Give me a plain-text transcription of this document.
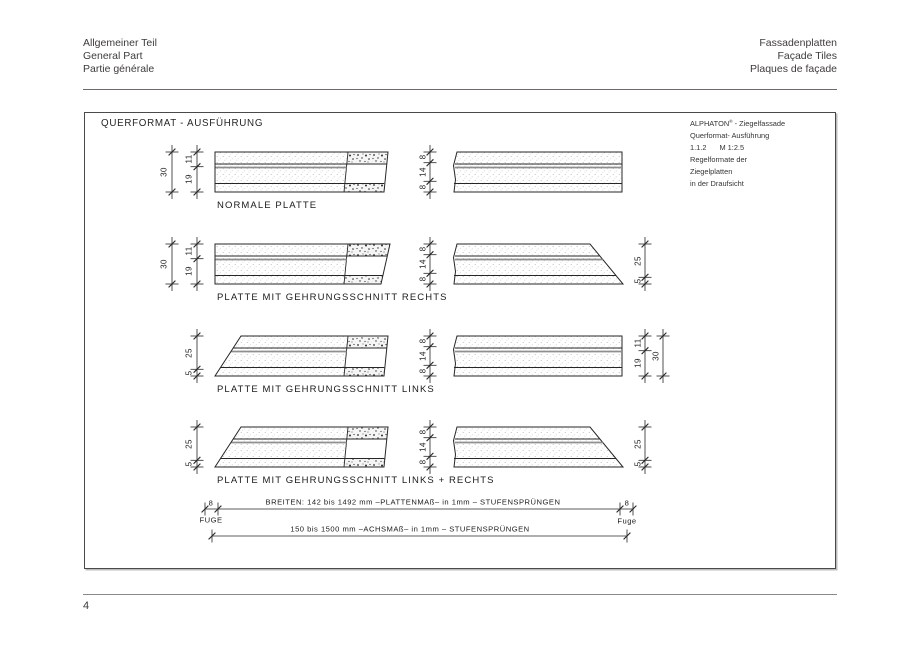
Allgemeiner Teil
General Part
Partie générale
Fassadenplatten
Façade Tiles
Plaques de façade
QUERFORMAT - AUSFÜHRUNG	ALPHATON® - Ziegelfassade
Querformat- Ausführung
1.1.2 M 1:2.5
Regelformate der
Ziegelplatten
in der Draufsicht
NORMALE PLATTE
PLATTE MIT GEHRUNGSSCHNITT RECHTS
PLATTE MIT GEHRUNGSSCHNITT LINKS
PLATTE MIT GEHRUNGSSCHNITT LINKS + RECHTS
30
11
19
8
14
8
30
11
19
8
14
8
25
5
25
5
8
14
8
11
19
30
25
5
8
14
8
25
5
8	8
BREITEN: 142 bis 1492 mm –PLATTENMAß– in 1mm – STUFENSPRÜNGEN
FUGE	Fuge
150 bis 1500 mm –ACHSMAß– in 1mm – STUFENSPRÜNGEN
4
